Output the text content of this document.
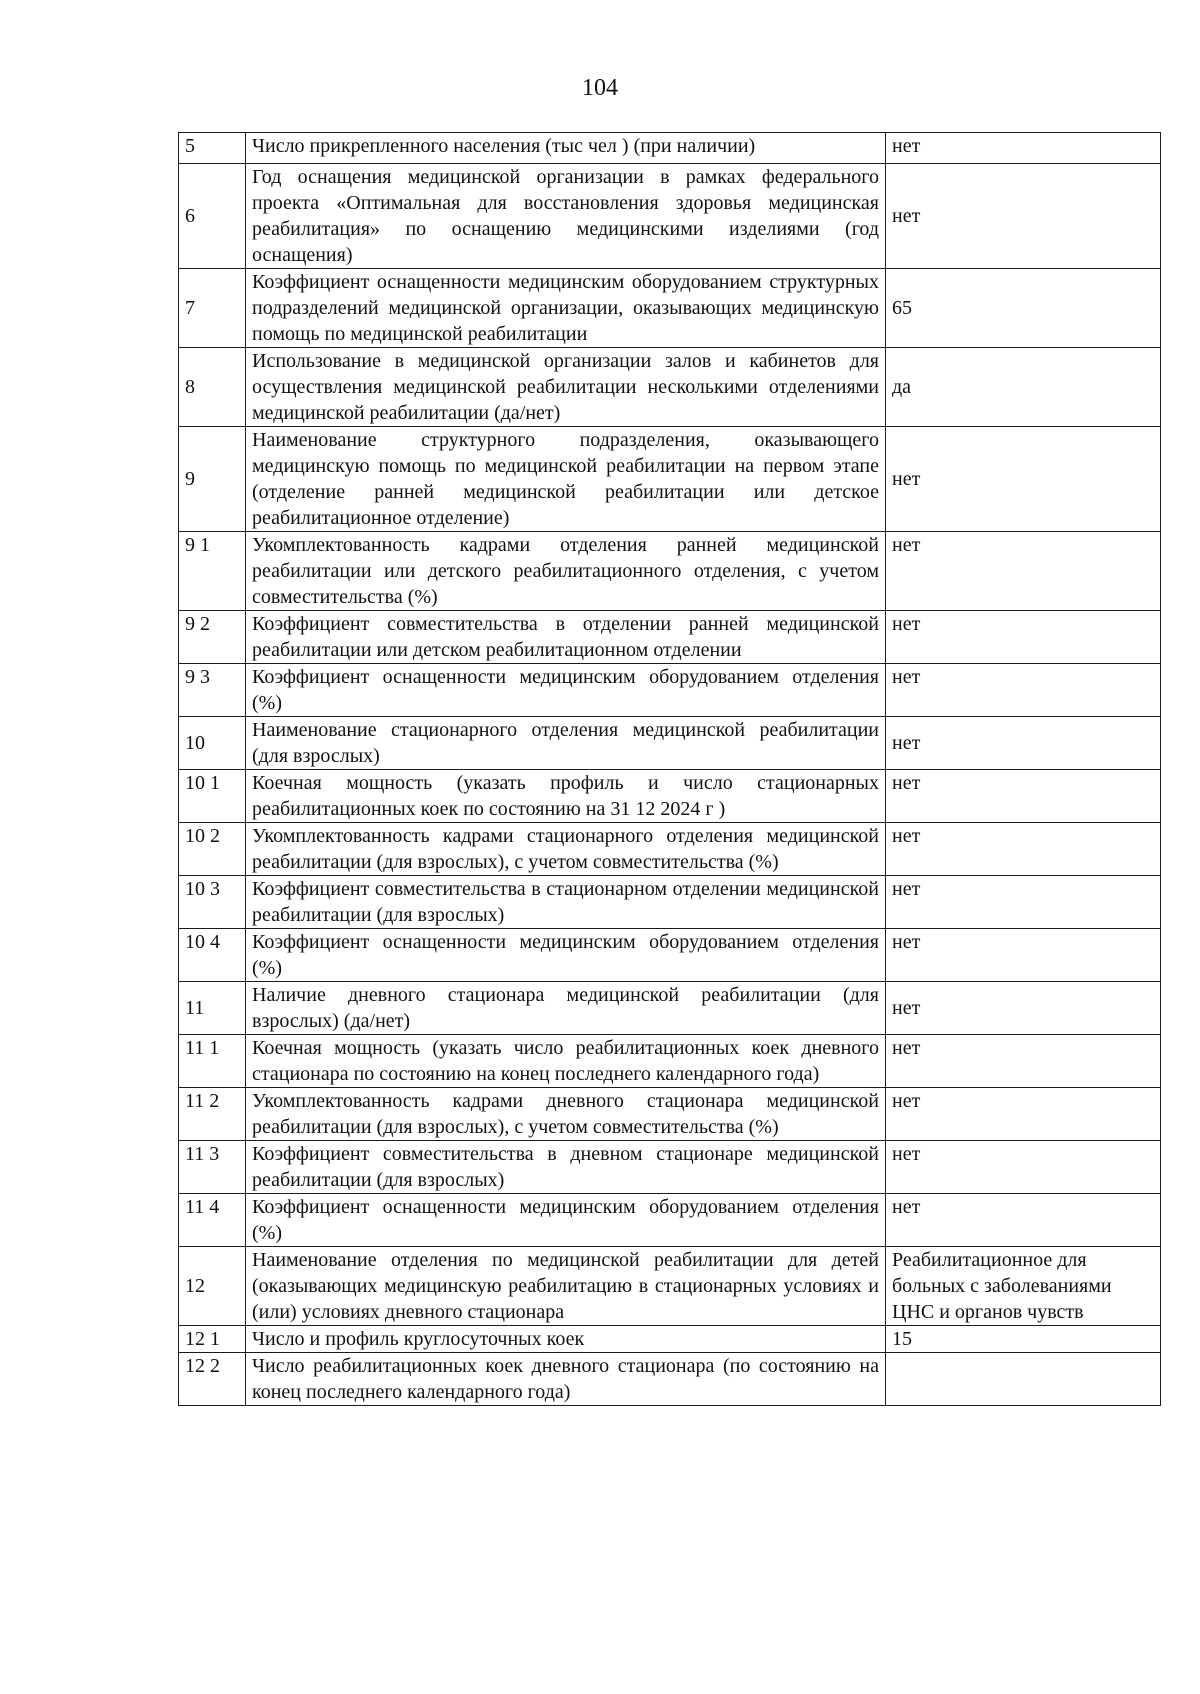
104
5	Число прикрепленного населения (тыс чел ) (при наличии)	нет
6	Год оснащения медицинской организации в рамках федерального проекта «Оптимальная для восстановления здоровья медицинская реабилитация» по оснащению медицинскими изделиями (год оснащения)	нет
7	Коэффициент оснащенности медицинским оборудованием структурных подразделений медицинской организации, оказывающих медицинскую помощь по медицинской реабилитации	65
8	Использование в медицинской организации залов и кабинетов для осуществления медицинской реабилитации несколькими отделениями медицинской реабилитации (да/нет)	да
9	Наименование структурного подразделения, оказывающего медицинскую помощь по медицинской реабилитации на первом этапе (отделение ранней медицинской реабилитации или детское реабилитационное отделение)	нет
9 1	Укомплектованность кадрами отделения ранней медицинской реабилитации или детского реабилитационного отделения, с учетом совместительства (%)	нет
9 2	Коэффициент совместительства в отделении ранней медицинской реабилитации или детском реабилитационном отделении	нет
9 3	Коэффициент оснащенности медицинским оборудованием отделения (%)	нет
10	Наименование стационарного отделения медицинской реабилитации (для взрослых)	нет
10 1	Коечная мощность (указать профиль и число стационарных реабилитационных коек по состоянию на 31 12 2024 г )	нет
10 2	Укомплектованность кадрами стационарного отделения медицинской реабилитации (для взрослых), с учетом совместительства (%)	нет
10 3	Коэффициент совместительства в стационарном отделении медицинской реабилитации (для взрослых)	нет
10 4	Коэффициент оснащенности медицинским оборудованием отделения (%)	нет
11	Наличие дневного стационара медицинской реабилитации (для взрослых) (да/нет)	нет
11 1	Коечная мощность (указать число реабилитационных коек дневного стационара по состоянию на конец последнего календарного года)	нет
11 2	Укомплектованность кадрами дневного стационара медицинской реабилитации (для взрослых), с учетом совместительства (%)	нет
11 3	Коэффициент совместительства в дневном стационаре медицинской реабилитации (для взрослых)	нет
11 4	Коэффициент оснащенности медицинским оборудованием отделения (%)	нет
12	Наименование отделения по медицинской реабилитации для детей (оказывающих медицинскую реабилитацию в стационарных условиях и (или) условиях дневного стационара	Реабилитационное для больных с заболеваниями ЦНС и органов чувств
12 1	Число и профиль круглосуточных коек	15
12 2	Число реабилитационных коек дневного стационара (по состоянию на конец последнего календарного года)	
